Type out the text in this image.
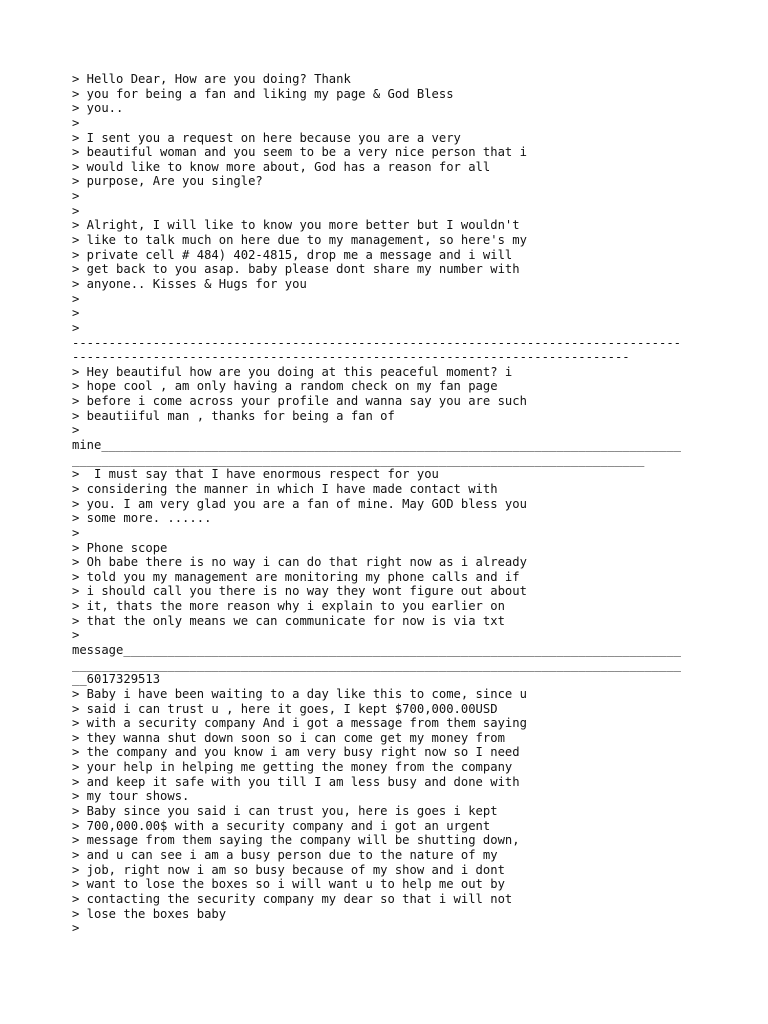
> Hello Dear, How are you doing? Thank
> you for being a fan and liking my page & God Bless
> you..
>
> I sent you a request on here because you are a very
> beautiful woman and you seem to be a very nice person that i
> would like to know more about, God has a reason for all
> purpose, Are you single?
>
>
> Alright, I will like to know you more better but I wouldn't
> like to talk much on here due to my management, so here's my
> private cell # 484) 402-4815, drop me a message and i will
> get back to you asap. baby please dont share my number with
> anyone.. Kisses & Hugs for you
>
>
>
-----------------------------------------------------------------------------------
----------------------------------------------------------------------------
> Hey beautiful how are you doing at this peaceful moment? i
> hope cool , am only having a random check on my fan page
> before i come across your profile and wanna say you are such
> beautiiful man , thanks for being a fan of
>
mine_______________________________________________________________________________
______________________________________________________________________________
>  I must say that I have enormous respect for you
> considering the manner in which I have made contact with
> you. I am very glad you are a fan of mine. May GOD bless you
> some more. ......
>
> Phone scope
> Oh babe there is no way i can do that right now as i already
> told you my management are monitoring my phone calls and if
> i should call you there is no way they wont figure out about
> it, thats the more reason why i explain to you earlier on
> that the only means we can communicate for now is via txt
>
message____________________________________________________________________________
___________________________________________________________________________________
__6017329513
> Baby i have been waiting to a day like this to come, since u
> said i can trust u , here it goes, I kept $700,000.00USD
> with a security company And i got a message from them saying
> they wanna shut down soon so i can come get my money from
> the company and you know i am very busy right now so I need
> your help in helping me getting the money from the company
> and keep it safe with you till I am less busy and done with
> my tour shows.
> Baby since you said i can trust you, here is goes i kept
> 700,000.00$ with a security company and i got an urgent
> message from them saying the company will be shutting down,
> and u can see i am a busy person due to the nature of my
> job, right now i am so busy because of my show and i dont
> want to lose the boxes so i will want u to help me out by
> contacting the security company my dear so that i will not
> lose the boxes baby
>
